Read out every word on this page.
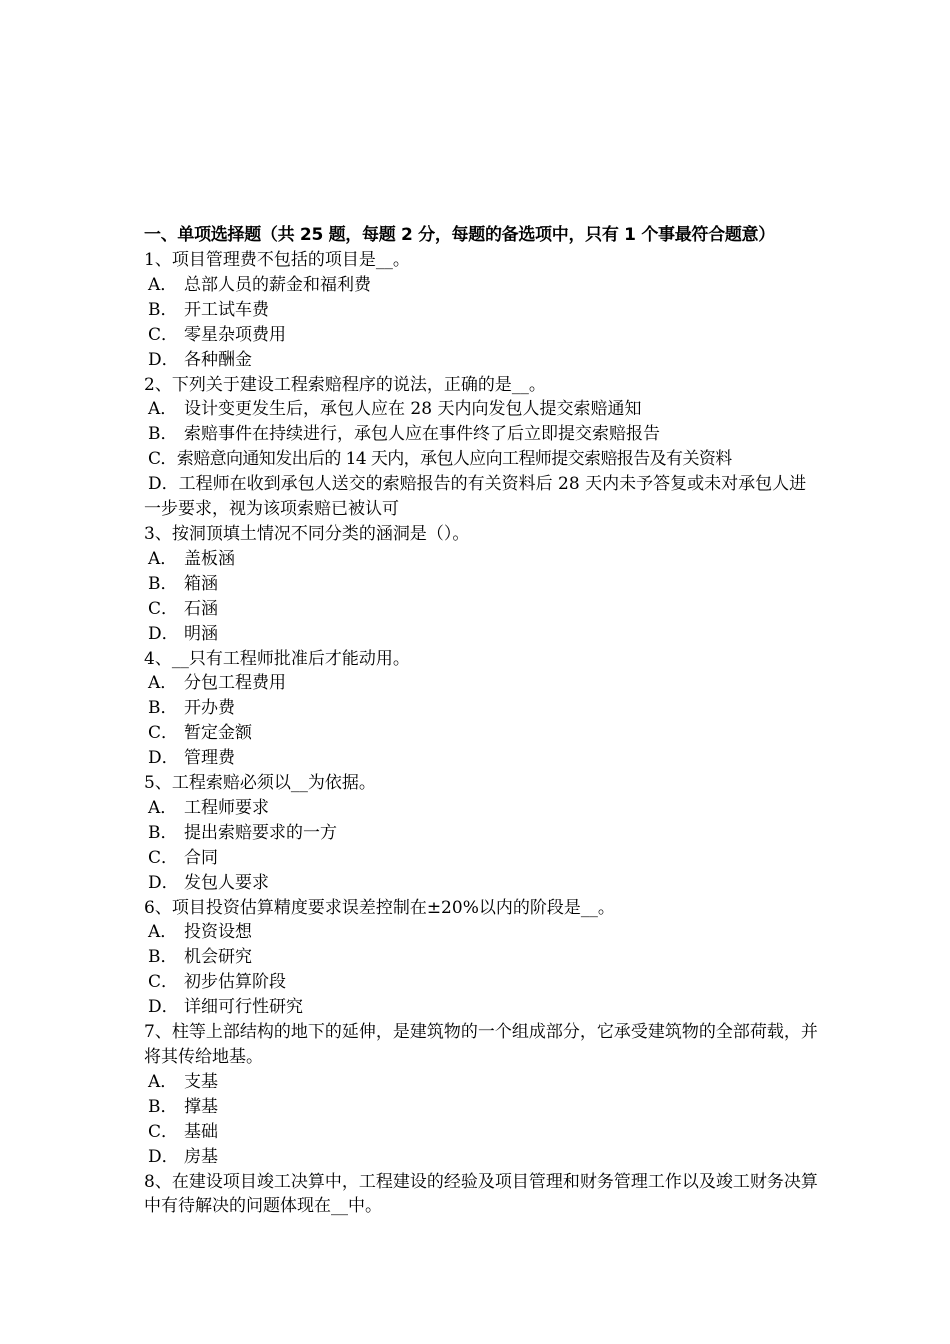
一、单项选择题（共 25 题，每题 2 分，每题的备选项中，只有 1 个事最符合题意）

1、项目管理费不包括的项目是__。

A． 总部人员的薪金和福利费

B． 开工试车费

C． 零星杂项费用

D． 各种酬金

2、下列关于建设工程索赔程序的说法，正确的是__。

A． 设计变更发生后，承包人应在 28 天内向发包人提交索赔通知

B． 索赔事件在持续进行，承包人应在事件终了后立即提交索赔报告

C．索赔意向通知发出后的 14 天内，承包人应向工程师提交索赔报告及有关资料

D．工程师在收到承包人送交的索赔报告的有关资料后 28 天内未予答复或未对承包人进一步要求，视为该项索赔已被认可

3、按洞顶填土情况不同分类的涵洞是（）。

A． 盖板涵

B． 箱涵

C． 石涵

D． 明涵

4、__只有工程师批准后才能动用。

A． 分包工程费用

B． 开办费

C． 暂定金额

D． 管理费

5、工程索赔必须以__为依据。

A． 工程师要求

B． 提出索赔要求的一方

C． 合同

D． 发包人要求

6、项目投资估算精度要求误差控制在±20%以内的阶段是__。

A． 投资设想

B． 机会研究

C． 初步估算阶段

D． 详细可行性研究

7、柱等上部结构的地下的延伸，是建筑物的一个组成部分，它承受建筑物的全部荷载，并将其传给地基。

A． 支基

B． 撑基

C． 基础

D． 房基

8、在建设项目竣工决算中，工程建设的经验及项目管理和财务管理工作以及竣工财务决算中有待解决的问题体现在__中。
